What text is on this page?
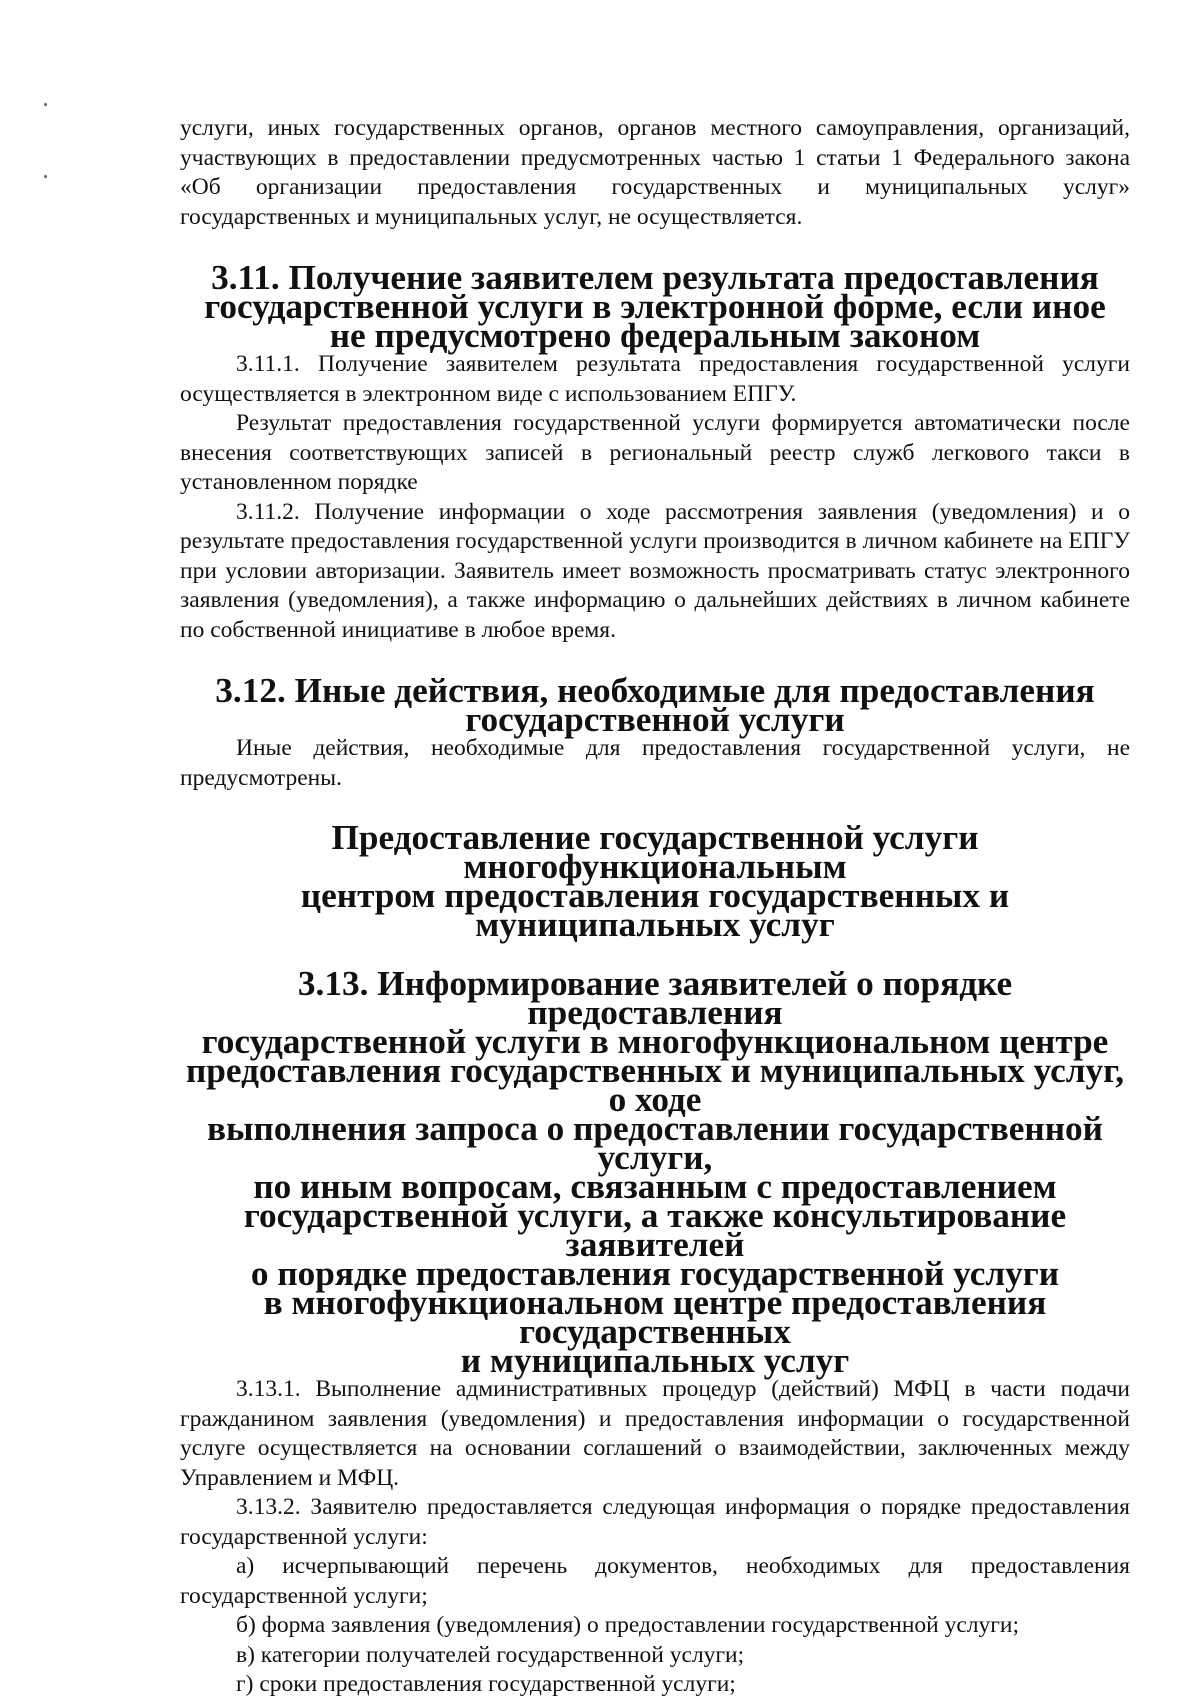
услуги, иных государственных органов, органов местного самоуправления, организаций, участвующих в предоставлении предусмотренных частью 1 статьи 1 Федерального закона «Об организации предоставления государственных и муниципальных услуг» государственных и муниципальных услуг, не осуществляется.

3.11. Получение заявителем результата предоставления
государственной услуги в электронной форме, если иное
не предусмотрено федеральным законом

3.11.1. Получение заявителем результата предоставления государственной услуги осуществляется в электронном виде с использованием ЕПГУ.

Результат предоставления государственной услуги формируется автоматически после внесения соответствующих записей в региональный реестр служб легкового такси в установленном порядке

3.11.2. Получение информации о ходе рассмотрения заявления (уведомления) и о результате предоставления государственной услуги производится в личном кабинете на ЕПГУ при условии авторизации. Заявитель имеет возможность просматривать статус электронного заявления (уведомления), а также информацию о дальнейших действиях в личном кабинете по собственной инициативе в любое время.

3.12. Иные действия, необходимые для предоставления
государственной услуги

Иные действия, необходимые для предоставления государственной услуги, не предусмотрены.

Предоставление государственной услуги многофункциональным
центром предоставления государственных и муниципальных услуг
3.13. Информирование заявителей о порядке предоставления
государственной услуги в многофункциональном центре
предоставления государственных и муниципальных услуг, о ходе
выполнения запроса о предоставлении государственной услуги,
по иным вопросам, связанным с предоставлением
государственной услуги, а также консультирование заявителей
о порядке предоставления государственной услуги
в многофункциональном центре предоставления государственных
и муниципальных услуг

3.13.1. Выполнение административных процедур (действий) МФЦ в части подачи гражданином заявления (уведомления) и предоставления информации о государственной услуге осуществляется на основании соглашений о взаимодействии, заключенных между Управлением и МФЦ.

3.13.2. Заявителю предоставляется следующая информация о порядке предоставления государственной услуги:

а) исчерпывающий перечень документов, необходимых для предоставления государственной услуги;

б) форма заявления (уведомления) о предоставлении государственной услуги;

в) категории получателей государственной услуги;

г) сроки предоставления государственной услуги;
